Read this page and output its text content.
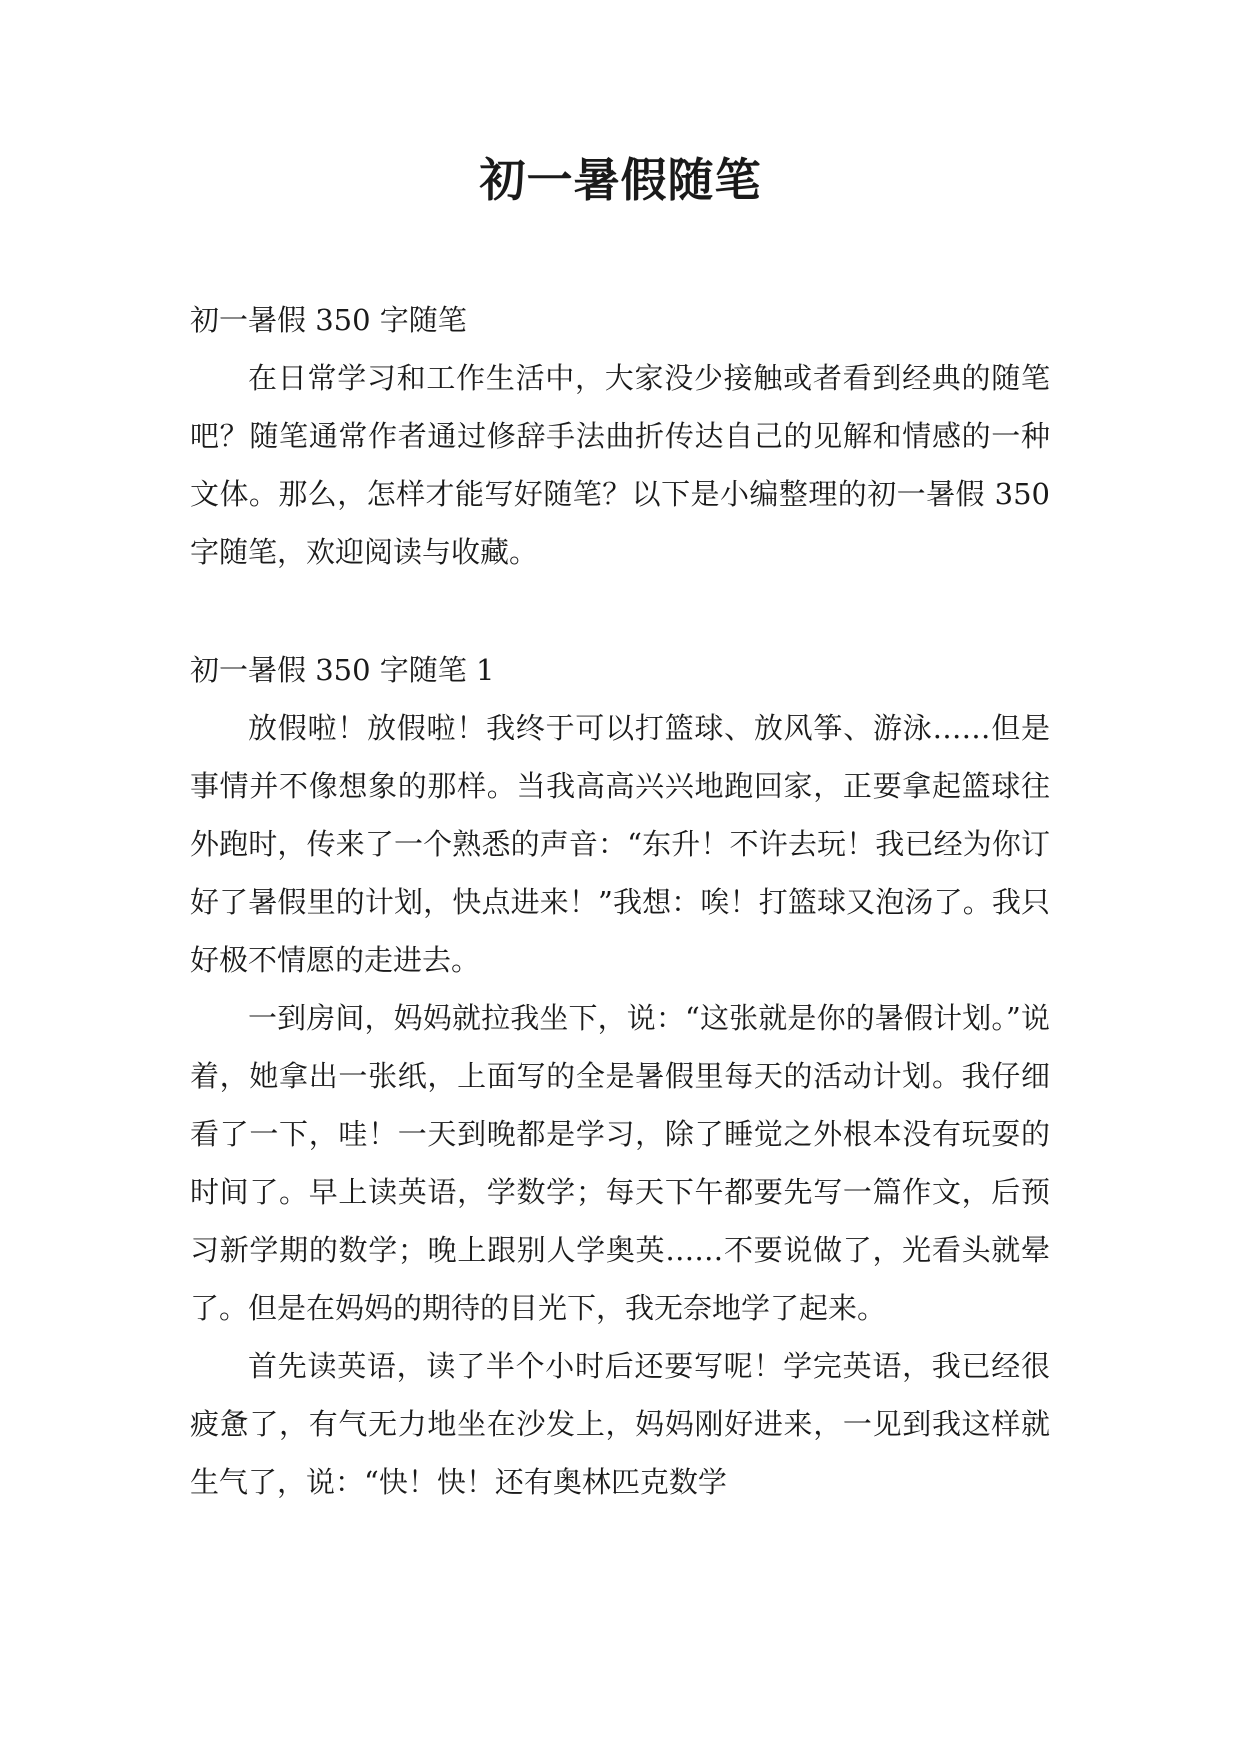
初一暑假随笔

初一暑假 350 字随笔

在日常学习和工作生活中，大家没少接触或者看到经典的随笔吧？随笔通常作者通过修辞手法曲折传达自己的见解和情感的一种文体。那么，怎样才能写好随笔？以下是小编整理的初一暑假 350 字随笔，欢迎阅读与收藏。

初一暑假 350 字随笔 1

放假啦！放假啦！我终于可以打篮球、放风筝、游泳……但是事情并不像想象的那样。当我高高兴兴地跑回家，正要拿起篮球往外跑时，传来了一个熟悉的声音：“东升！不许去玩！我已经为你订好了暑假里的计划，快点进来！”我想：唉！打篮球又泡汤了。我只好极不情愿的走进去。

一到房间，妈妈就拉我坐下，说：“这张就是你的暑假计划。”说着，她拿出一张纸，上面写的全是暑假里每天的活动计划。我仔细看了一下，哇！一天到晚都是学习，除了睡觉之外根本没有玩耍的时间了。早上读英语，学数学；每天下午都要先写一篇作文，后预习新学期的数学；晚上跟别人学奥英……不要说做了，光看头就晕了。但是在妈妈的期待的目光下，我无奈地学了起来。

首先读英语，读了半个小时后还要写呢！学完英语，我已经很疲惫了，有气无力地坐在沙发上，妈妈刚好进来，一见到我这样就生气了，说：“快！快！还有奥林匹克数学
